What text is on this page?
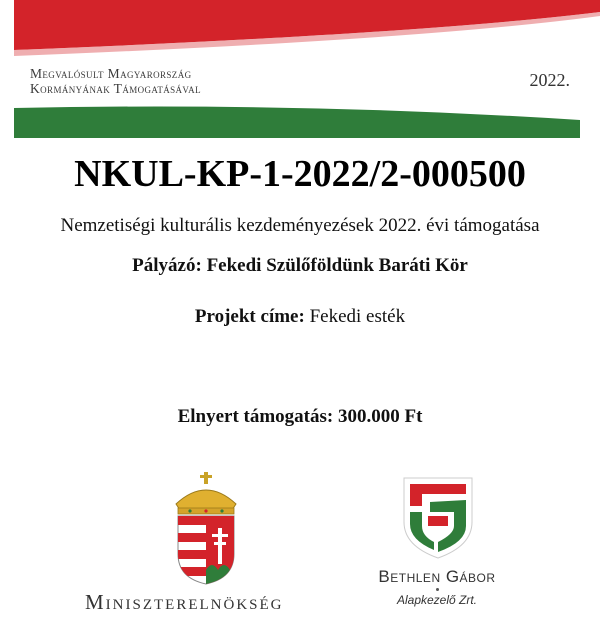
Megvalósult Magyarország
Kormányának Támogatásával	2022.
NKUL-KP-1-2022/2-000500
Nemzetiségi kulturális kezdeményezések 2022. évi támogatása
Pályázó: Fekedi Szülőföldünk Baráti Kör
Projekt címe: Fekedi esték
Elnyert támogatás: 300.000 Ft
Miniszterelnökség
Bethlen Gábor
Alapkezelő Zrt.
